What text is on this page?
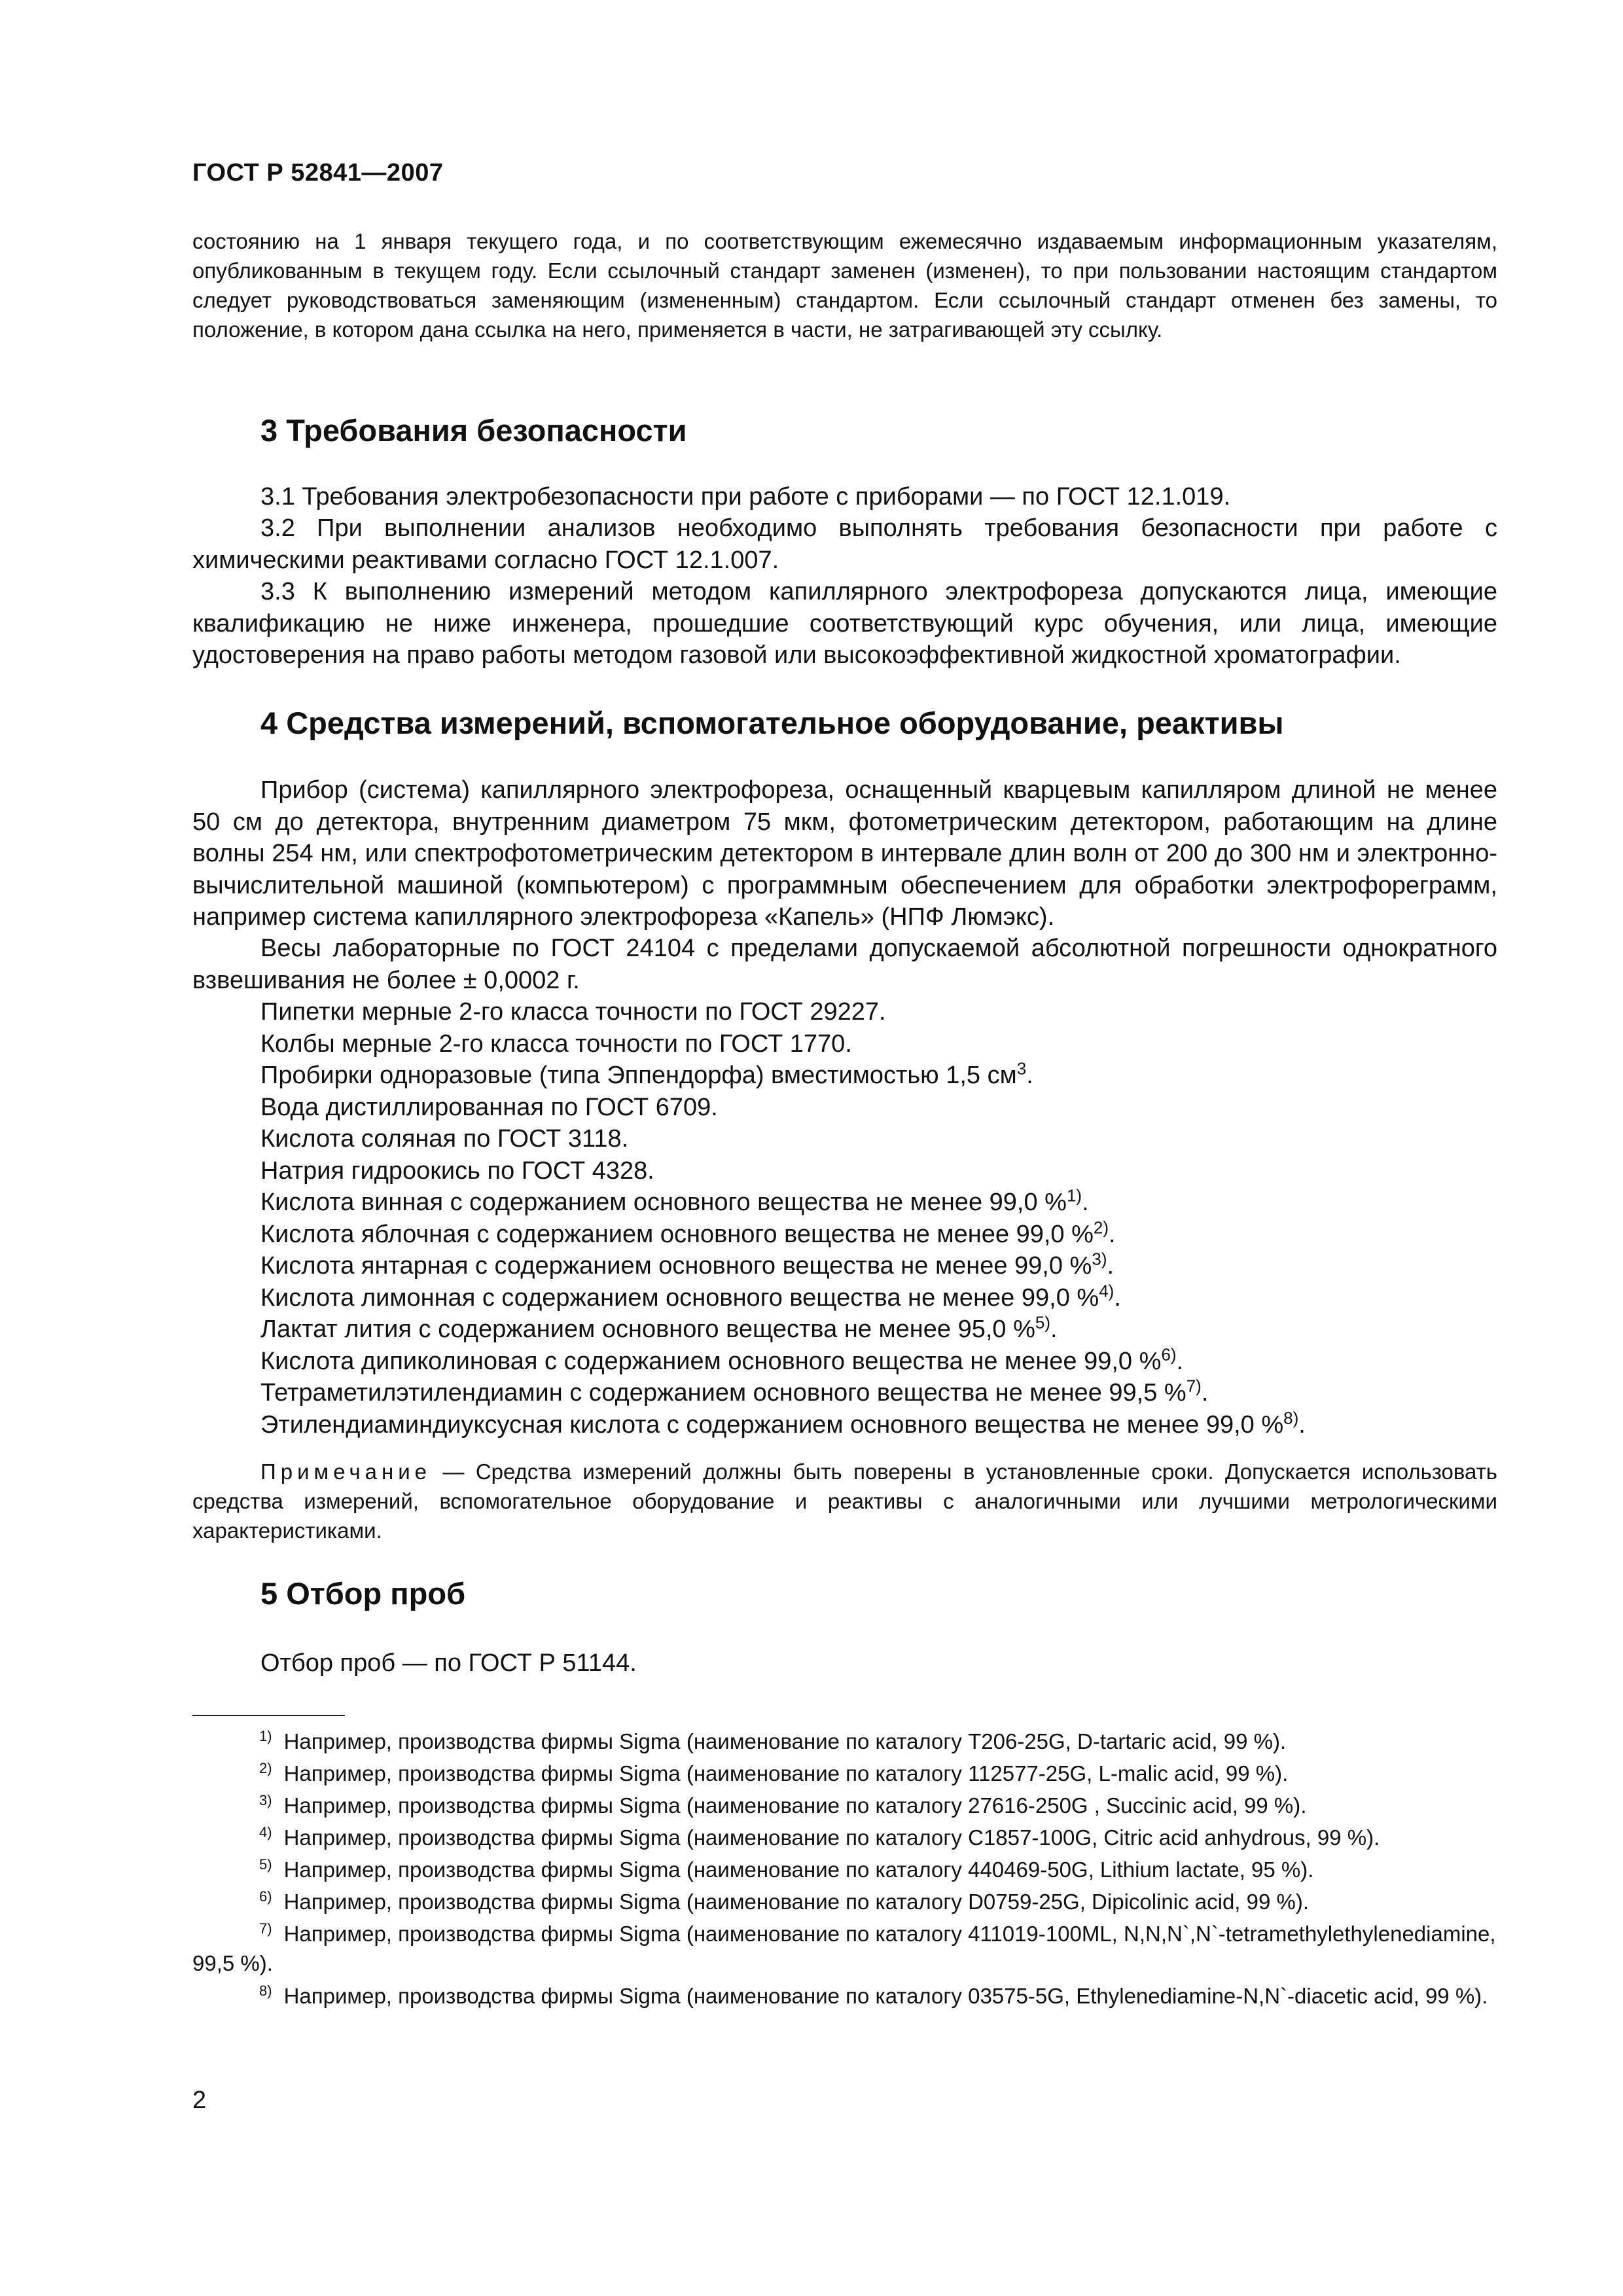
ГОСТ Р 52841—2007

состоянию на 1 января текущего года, и по соответствующим ежемесячно издаваемым информационным указателям, опубликованным в текущем году. Если ссылочный стандарт заменен (изменен), то при пользовании настоящим стандартом следует руководствоваться заменяющим (измененным) стандартом. Если ссылочный стандарт отменен без замены, то положение, в котором дана ссылка на него, применяется в части, не затрагивающей эту ссылку.

3 Требования безопасности

3.1 Требования электробезопасности при работе с приборами — по ГОСТ 12.1.019.

3.2 При выполнении анализов необходимо выполнять требования безопасности при работе с химическими реактивами согласно ГОСТ 12.1.007.

3.3 К выполнению измерений методом капиллярного электрофореза допускаются лица, имеющие квалификацию не ниже инженера, прошедшие соответствующий курс обучения, или лица, имеющие удостоверения на право работы методом газовой или высокоэффективной жидкостной хроматографии.

4 Средства измерений, вспомогательное оборудование, реактивы

Прибор (система) капиллярного электрофореза, оснащенный кварцевым капилляром длиной не менее 50 см до детектора, внутренним диаметром 75 мкм, фотометрическим детектором, работающим на длине волны 254 нм, или спектрофотометрическим детектором в интервале длин волн от 200 до 300 нм и электронно-вычислительной машиной (компьютером) с программным обеспечением для обработки электрофореграмм, например система капиллярного электрофореза «Капель» (НПФ Люмэкс).

Весы лабораторные по ГОСТ 24104 с пределами допускаемой абсолютной погрешности однократного взвешивания не более ± 0,0002 г.

Пипетки мерные 2-го класса точности по ГОСТ 29227.

Колбы мерные 2-го класса точности по ГОСТ 1770.

Пробирки одноразовые (типа Эппендорфа) вместимостью 1,5 $см^3$.

Вода дистиллированная по ГОСТ 6709.

Кислота соляная по ГОСТ 3118.

Натрия гидроокись по ГОСТ 4328.

Кислота винная с содержанием основного вещества не менее 99,0 %$^{1)}$.

Кислота яблочная с содержанием основного вещества не менее 99,0 %$^{2)}$.

Кислота янтарная с содержанием основного вещества не менее 99,0 %$^{3)}$.

Кислота лимонная с содержанием основного вещества не менее 99,0 %$^{4)}$.

Лактат лития с содержанием основного вещества не менее 95,0 %$^{5)}$.

Кислота дипиколиновая с содержанием основного вещества не менее 99,0 %$^{6)}$.

Тетраметилэтилендиамин с содержанием основного вещества не менее 99,5 %$^{7)}$.

Этилендиаминдиуксусная кислота с содержанием основного вещества не менее 99,0 %$^{8)}$.

Примечание — Средства измерений должны быть поверены в установленные сроки. Допускается использовать средства измерений, вспомогательное оборудование и реактивы с аналогичными или лучшими метрологическими характеристиками.

5 Отбор проб

Отбор проб — по ГОСТ Р 51144.

$^{1)}$ Например, производства фирмы Sigma (наименование по каталогу T206-25G, D-tartaric acid, 99 %).

$^{2)}$ Например, производства фирмы Sigma (наименование по каталогу 112577-25G, L-malic acid, 99 %).

$^{3)}$ Например, производства фирмы Sigma (наименование по каталогу 27616-250G , Succinic acid, 99 %).

$^{4)}$ Например, производства фирмы Sigma (наименование по каталогу C1857-100G, Citric acid anhydrous, 99 %).

$^{5)}$ Например, производства фирмы Sigma (наименование по каталогу 440469-50G, Lithium lactate, 95 %).

$^{6)}$ Например, производства фирмы Sigma (наименование по каталогу D0759-25G, Dipicolinic acid, 99 %).

$^{7)}$ Например, производства фирмы Sigma (наименование по каталогу 411019-100ML, N,N,N`,N`-tetramethylethylenediamine, 99,5 %).

$^{8)}$ Например, производства фирмы Sigma (наименование по каталогу 03575-5G, Ethylenediamine-N,N`-diacetic acid, 99 %).

2
